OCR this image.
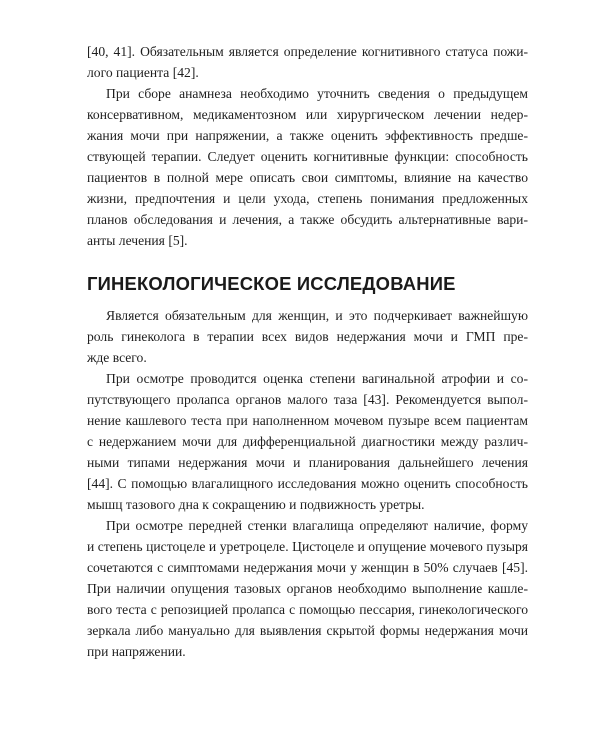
[40, 41]. Обязательным является определение когнитивного статуса пожи-
лого пациента [42].
При сборе анамнеза необходимо уточнить сведения о предыдущем
консервативном, медикаментозном или хирургическом лечении недер-
жания мочи при напряжении, а также оценить эффективность предше-
ствующей терапии. Следует оценить когнитивные функции: способность
пациентов в полной мере описать свои симптомы, влияние на качество
жизни, предпочтения и цели ухода, степень понимания предложенных
планов обследования и лечения, а также обсудить альтернативные вари-
анты лечения [5].
ГИНЕКОЛОГИЧЕСКОЕ ИССЛЕДОВАНИЕ
Является обязательным для женщин, и это подчеркивает важнейшую
роль гинеколога в терапии всех видов недержания мочи и ГМП пре-
жде всего.
При осмотре проводится оценка степени вагинальной атрофии и со-
путствующего пролапса органов малого таза [43]. Рекомендуется выпол-
нение кашлевого теста при наполненном мочевом пузыре всем пациентам
с недержанием мочи для дифференциальной диагностики между различ-
ными типами недержания мочи и планирования дальнейшего лечения
[44]. С помощью влагалищного исследования можно оценить способность
мышц тазового дна к сокращению и подвижность уретры.
При осмотре передней стенки влагалища определяют наличие, форму
и степень цистоцеле и уретроцеле. Цистоцеле и опущение мочевого пузыря
сочетаются с симптомами недержания мочи у женщин в 50% случаев [45].
При наличии опущения тазовых органов необходимо выполнение кашле-
вого теста с репозицией пролапса с помощью пессария, гинекологического
зеркала либо мануально для выявления скрытой формы недержания мочи
при напряжении.
